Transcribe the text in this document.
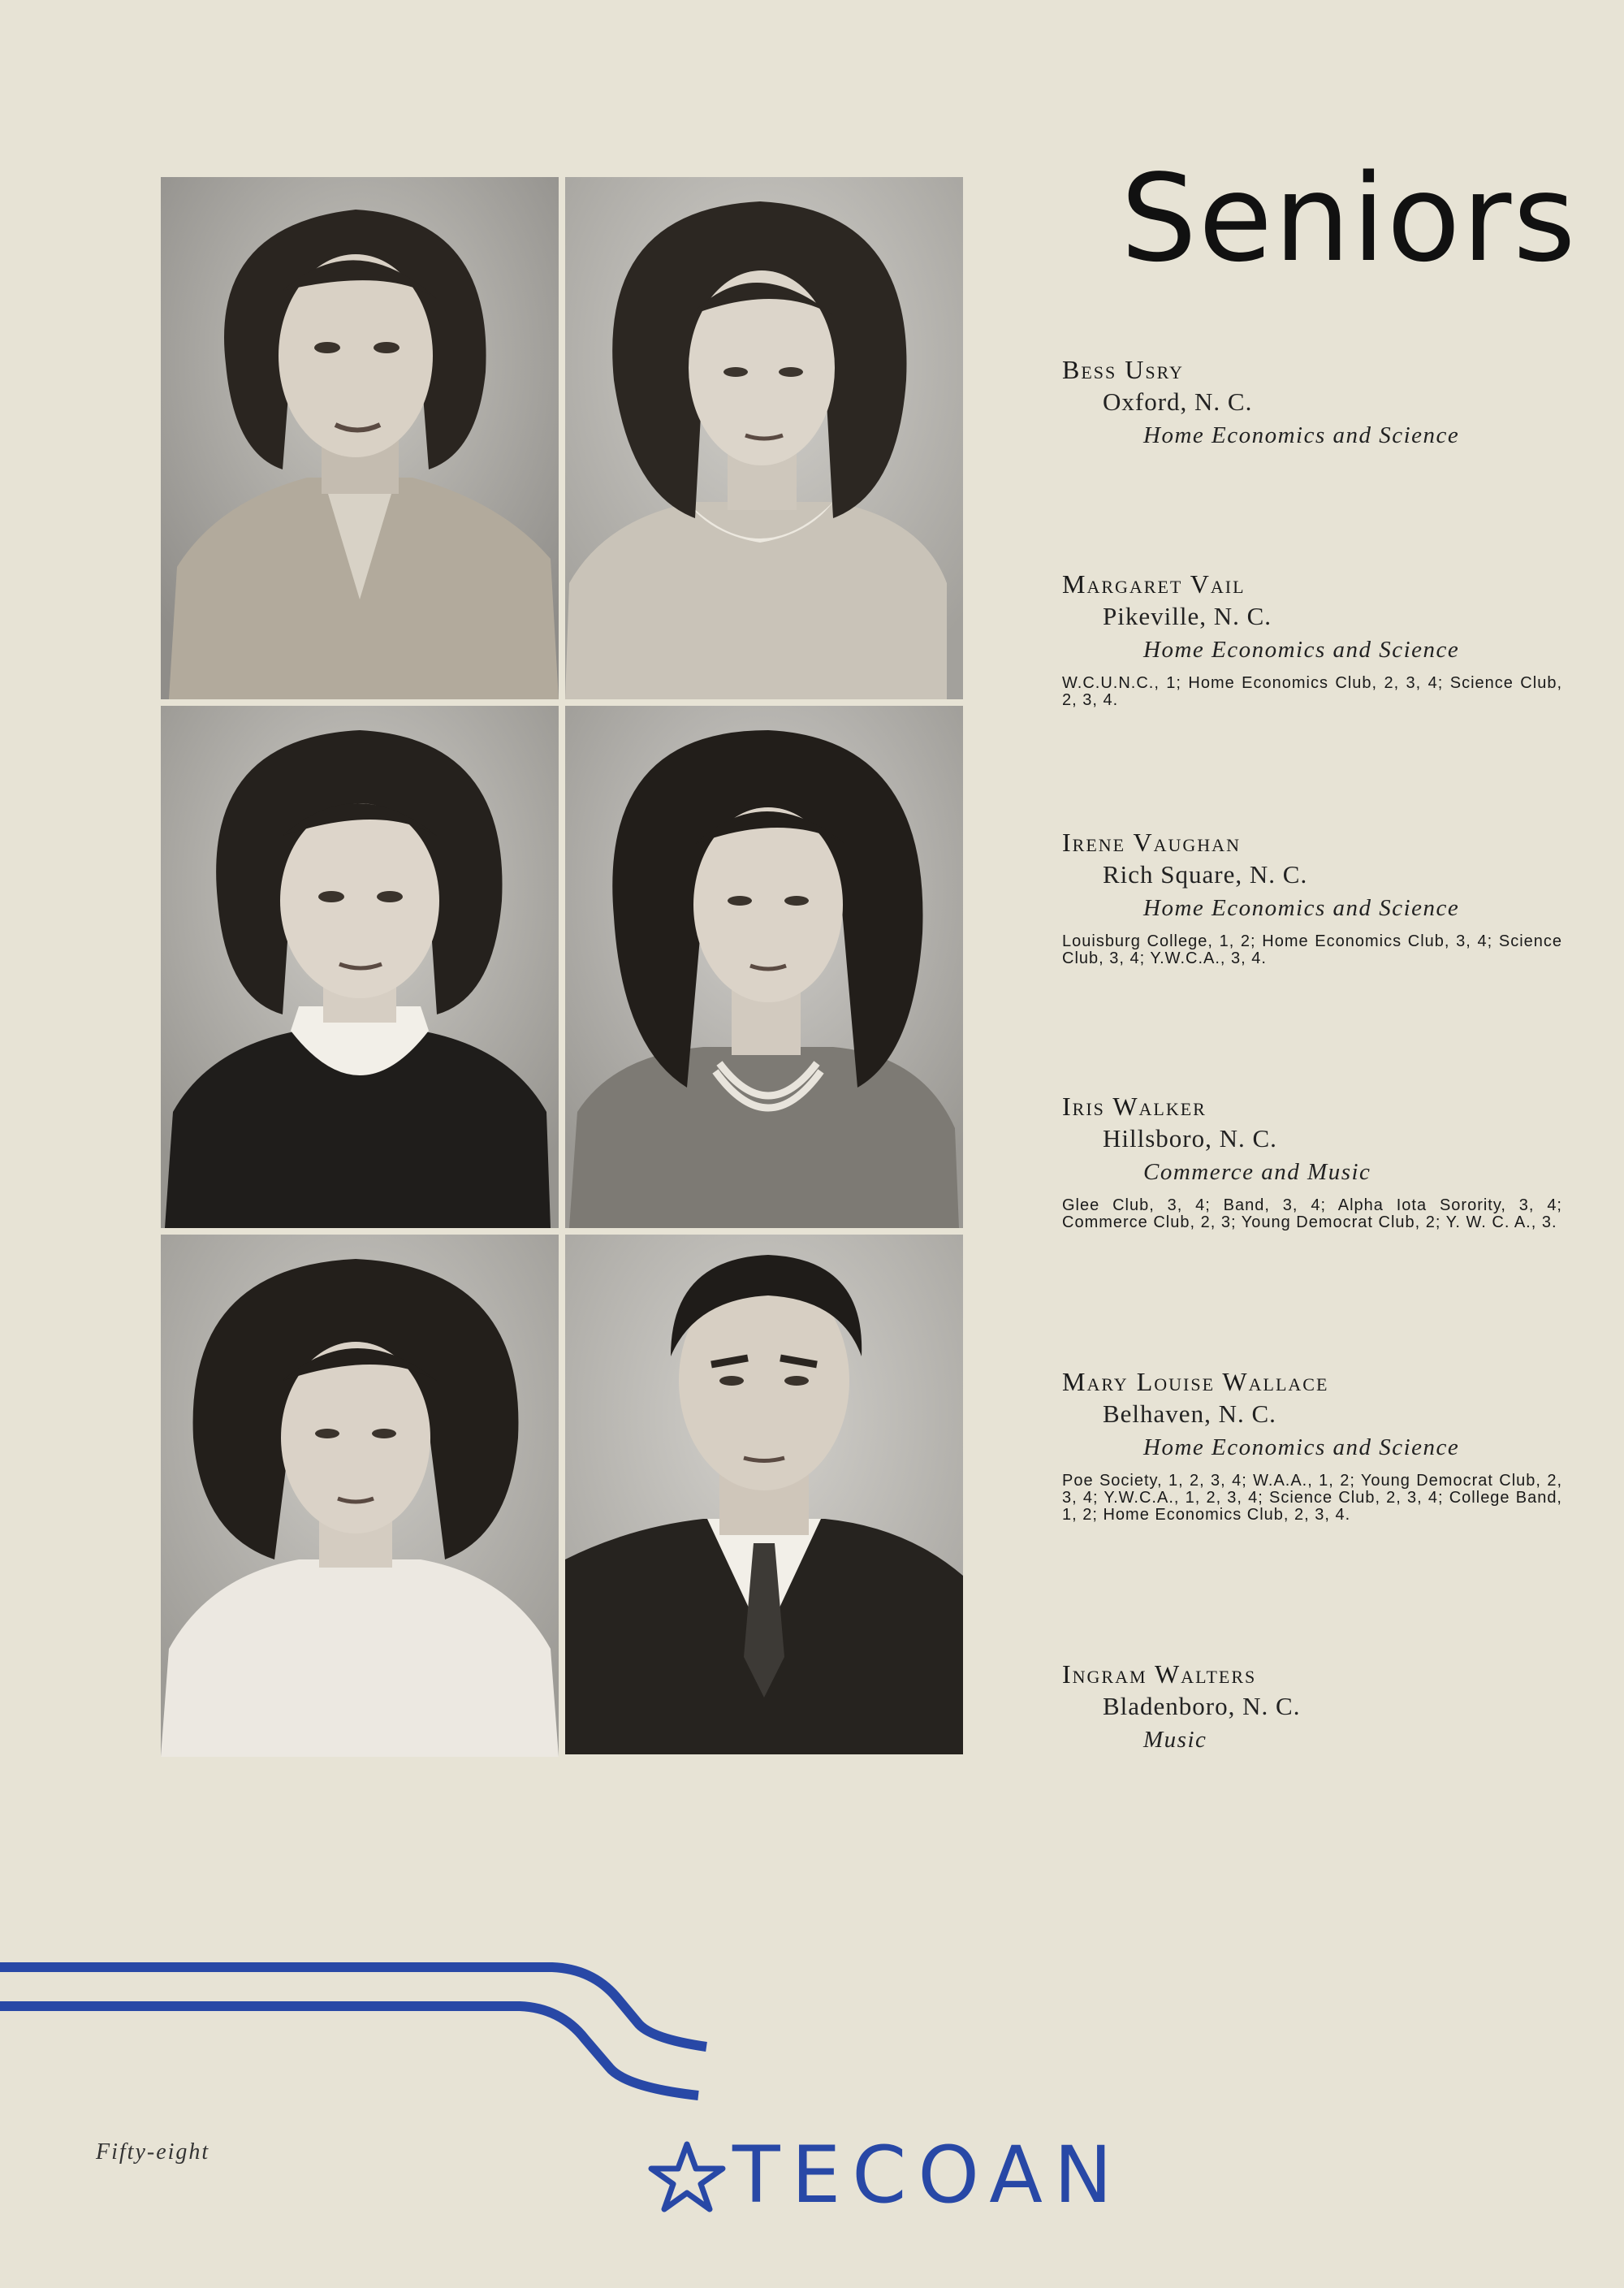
Seniors
Bess Usry
Oxford, N. C.
Home Economics and Science
Margaret Vail
Pikeville, N. C.
Home Economics and Science
W.C.U.N.C., 1; Home Economics Club, 2, 3, 4; Science Club, 2, 3, 4.
Irene Vaughan
Rich Square, N. C.
Home Economics and Science
Louisburg College, 1, 2; Home Economics Club, 3, 4; Science Club, 3, 4; Y.W.C.A., 3, 4.
Iris Walker
Hillsboro, N. C.
Commerce and Music
Glee Club, 3, 4; Band, 3, 4; Alpha Iota Sorority, 3, 4; Commerce Club, 2, 3; Young Democrat Club, 2; Y. W. C. A., 3.
Mary Louise Wallace
Belhaven, N. C.
Home Economics and Science
Poe Society, 1, 2, 3, 4; W.A.A., 1, 2; Young Democrat Club, 2, 3, 4; Y.W.C.A., 1, 2, 3, 4; Science Club, 2, 3, 4; College Band, 1, 2; Home Economics Club, 2, 3, 4.
Ingram Walters
Bladenboro, N. C.
Music
Fifty-eight	TECOAN
